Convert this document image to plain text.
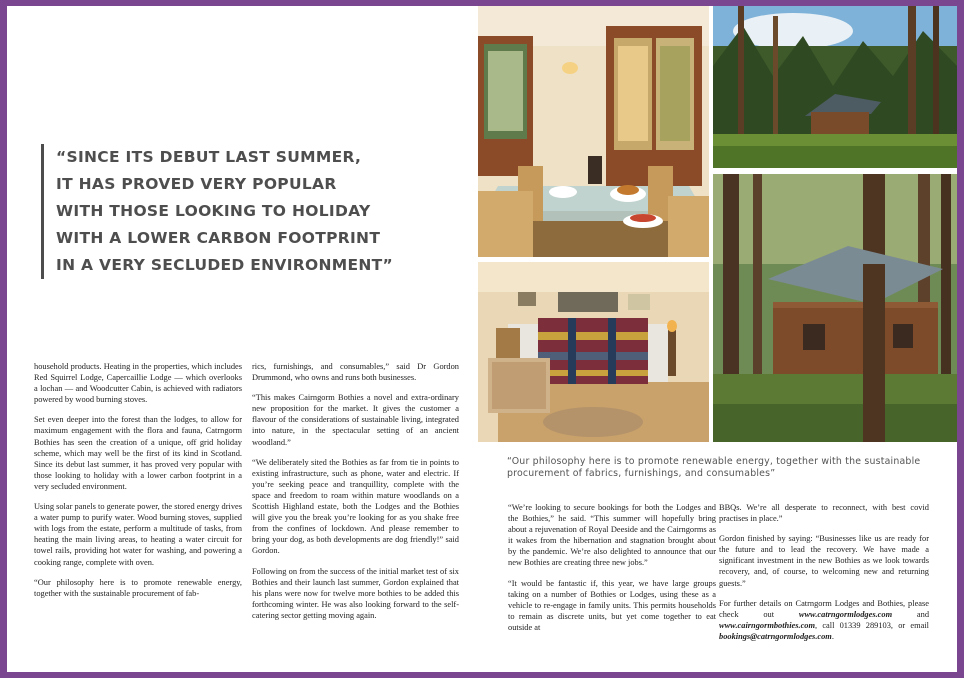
“SINCE ITS DEBUT LAST SUMMER,
IT HAS PROVED VERY POPULAR
WITH THOSE LOOKING TO HOLIDAY
WITH A LOWER CARBON FOOTPRINT
IN A VERY SECLUDED ENVIRONMENT”

household products. Heating in the properties, which includes Red Squirrel Lodge, Capercaillie Lodge — which overlooks a lochan — and Woodcutter Cabin, is achieved with radiators powered by wood burning stoves.

Set even deeper into the forest than the lodges, to allow for maximum engagement with the flora and fauna, Catrngorm Bothies has seen the creation of a unique, off grid holiday scheme, which may well be the first of its kind in Scotland. Since its debut last summer, it has proved very popular with those looking to holiday with a lower carbon footprint in a very secluded environment.

Using solar panels to generate power, the stored energy drives a water pump to purify water. Wood burning stoves, supplied with logs from the estate, perform a multitude of tasks, from heating the main living areas, to heating a water circuit for towel rails, providing hot water for washing, and powering a cooking range, complete with oven.

“Our philosophy here is to promote renewable energy, together with the sustainable procurement of fab-

rics, furnishings, and consumables,” said Dr Gordon Drummond, who owns and runs both businesses.

“This makes Cairngorm Bothies a novel and extra-ordinary new proposition for the market. It gives the customer a flavour of the considerations of sustainable living, integrated into nature, in the spectacular setting of an ancient woodland.”

“We deliberately sited the Bothies as far from tie in points to existing infrastructure, such as phone, water and electric. If you’re seeking peace and tranquillity, complete with the space and freedom to roam within mature woodlands on a Scottish Highland estate, both the Lodges and the Bothies will give you the break you’re looking for as you shake free from the confines of lockdown. And please remember to bring your dog, as both developments are dog friendly!” said Gordon.

Following on from the success of the initial market test of six Bothies and their launch last summer, Gordon explained that his plans were now for twelve more bothies to be added this forthcoming winter. He was also looking forward to the self-catering sector getting moving again.

“Our philosophy here is to promote renewable energy, together with the sustainable procurement of fabrics, furnishings, and consumables”

“We’re looking to secure bookings for both the Lodges and the Bothies,” he said. “This summer will hopefully bring about a rejuvenation of Royal Deeside and the Cairngorms as it wakes from the hibernation and stagnation brought about by the pandemic. We’re also delighted to announce that our new Bothies are creating three new jobs.”

“It would be fantastic if, this year, we have large groups taking on a number of Bothies or Lodges, using these as a vehicle to re-engage in family units. This permits households to remain as discrete units, but yet come together to eat outside at

BBQs. We’re all desperate to reconnect, with best covid practises in place.”

Gordon finished by saying: “Businesses like us are ready for the future and to lead the recovery. We have made a significant investment in the new Bothies as we look towards recovery, and, of course, to welcoming new and returning guests.”

For further details on Catrngorm Lodges and Bothies, please check out www.catrngormlodges.com and www.cairngormbothies.com, call 01339 289103, or email bookings@catrngormlodges.com.
